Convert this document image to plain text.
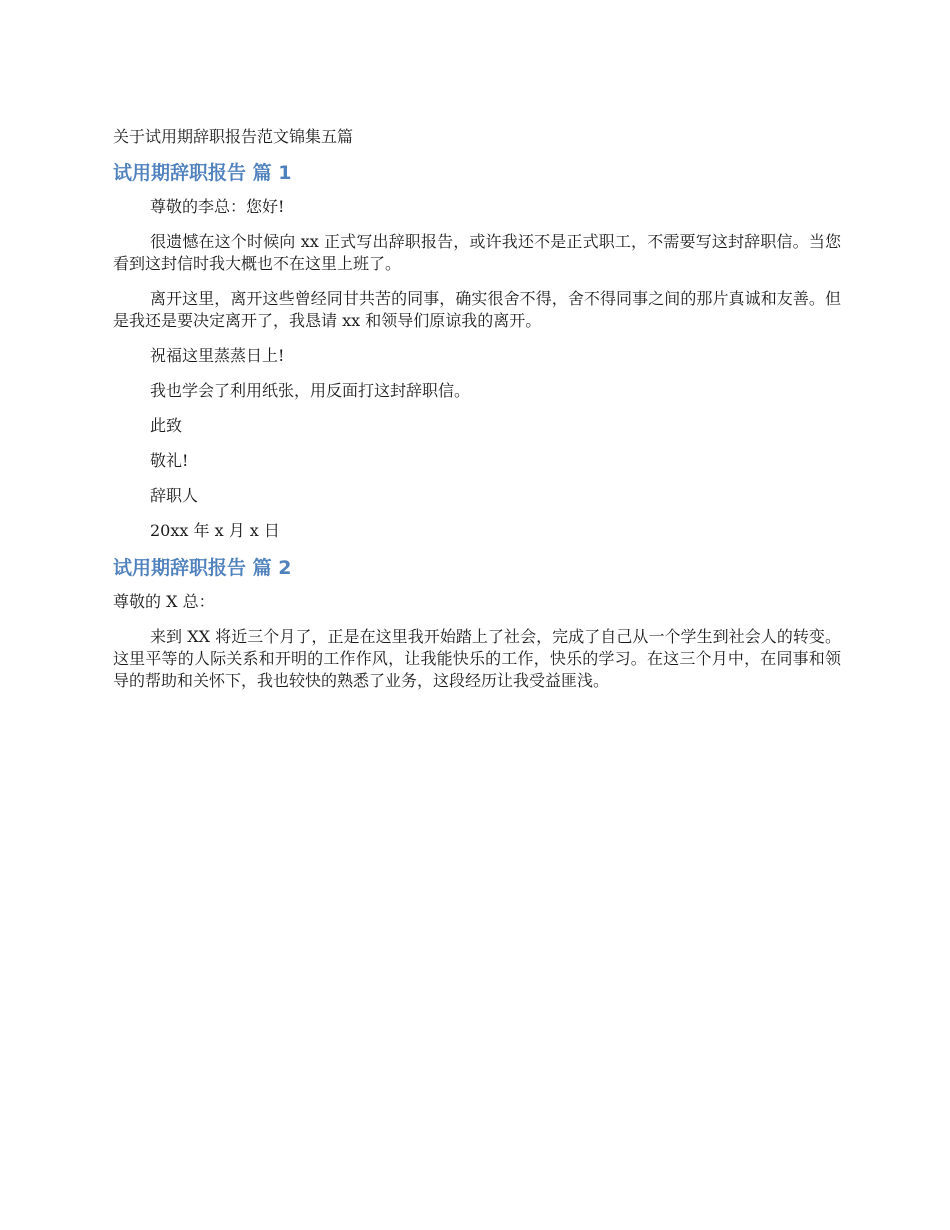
关于试用期辞职报告范文锦集五篇
试用期辞职报告 篇 1

尊敬的李总：您好!

很遗憾在这个时候向 xx 正式写出辞职报告，或许我还不是正式职工，不需要写这封辞职信。当您看到这封信时我大概也不在这里上班了。

离开这里，离开这些曾经同甘共苦的同事，确实很舍不得，舍不得同事之间的那片真诚和友善。但是我还是要决定离开了，我恳请 xx 和领导们原谅我的离开。

祝福这里蒸蒸日上!

我也学会了利用纸张，用反面打这封辞职信。

此致

敬礼!

辞职人

20xx 年 x 月 x 日

试用期辞职报告 篇 2

尊敬的 X 总：

来到 XX 将近三个月了，正是在这里我开始踏上了社会，完成了自己从一个学生到社会人的转变。这里平等的人际关系和开明的工作作风，让我能快乐的工作，快乐的学习。在这三个月中，在同事和领导的帮助和关怀下，我也较快的熟悉了业务，这段经历让我受益匪浅。
